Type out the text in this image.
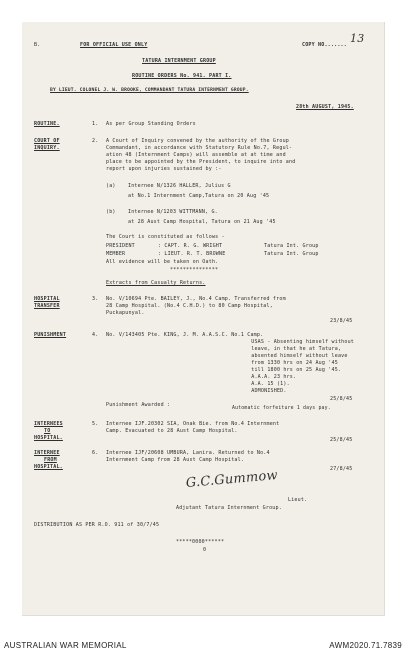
B.	FOR OFFICIAL USE ONLY	COPY NO....... 13
TATURA INTERNMENT GROUP
ROUTINE ORDERS No. 941. PART I.
BY LIEUT. COLONEL J. W. BROOKE, COMMANDANT TATURA INTERNMENT GROUP.
28th AUGUST, 1945.
ROUTINE.	1. As per Group Standing Orders
COURT OF
INQUIRY.
2. A Court of Inquiry convened by the authority of the Group
Commandant, in accordance with Statutory Rule No.7, Regul-
ation 48 (Internment Camps) will assemble at at time and
place to be appointed by the President, to inquire into and
report upon injuries sustained by :-
(a) Internee N/1326 HALLER, Julius G
at No.1 Internment Camp,Tatura on 20 Aug '45
(b) Internee N/1203 WITTMANN, G.
at 28 Aust Camp Hospital, Tatura on 21 Aug '45
The Court is constituted as follows -
PRESIDENT	: CAPT. R. G. WRIGHT	Tatura Int. Group
MEMBER	: LIEUT. R. T. BROWNE	Tatura Int. Group
All evidence will be taken on Oath.
***************
Extracts from Casualty Returns.
HOSPITAL
TRANSFER
3. No. V/10694 Pte. BAILEY, J., No.4 Camp. Transferred from
28 Camp Hospital. (No.4 C.H.D.) to 80 Camp Hospital,
Puckapunyal.
23/8/45
PUNISHMENT	4. No. V/143405 Pte. KING, J. M. A.A.S.C. No.1 Camp.
USAS - Absenting himself without
leave, in that he at Tatura,
absented himself without leave
from 1330 hrs on 24 Aug '45
till 1800 hrs on 25 Aug '45.
A.A.A. 23 hrs.
A.A. 15 (1).
ADMONISHED.
Punishment Awarded :
25/8/45
Automatic forfeiture 1 days pay.
INTERNEES
TO
HOSPITAL.
5. Internee IJF.20302 SIA, Onak Bie. from No.4 Internment
Camp. Evacuated to 28 Aust Camp Hospital.
25/8/45
INTERNEE
FROM
HOSPITAL.
6. Internee IJF/20608 UMBURA, Lanira. Returned to No.4
Internment Camp from 28 Aust Camp Hospital.
27/8/45
G.C.Gummow
Lieut.
Adjutant Tatura Internment Group.
DISTRIBUTION AS PER R.O. 911 of 30/7/45
*****0000******
0
AUSTRALIAN WAR MEMORIAL	AWM2020.71.7839
